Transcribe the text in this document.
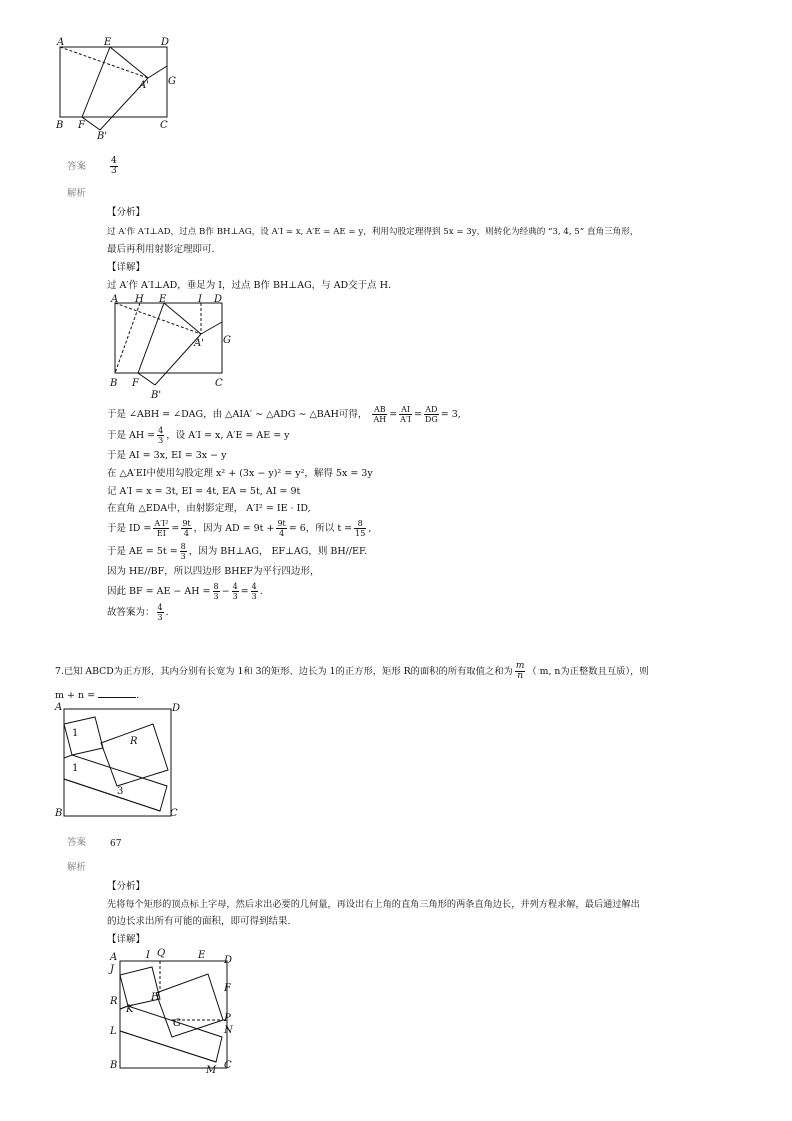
A	E	D
G
A'
B F	C
B'
答案	$\frac{4}{3}$
解析
【分析】
过 A′作 A′I⊥AD，过点 B作 BH⊥AG，设 A′I = x, A′E = AE = y，利用勾股定理得到 5x = 3y，则转化为经典的 “3, 4, 5” 直角三角形，
最后再利用射影定理即可.
【详解】
过 A′作 A′I⊥AD，垂足为 I，过点 B作 BH⊥AG，与 AD交于点 H.
A H E	I D
G
A'
B F	C
B'
于是 ∠ABH = ∠DAG，由 △AIA′ ∼ △ADG ∼ △BAH可得， $\frac{AB}{AH} = \frac{AI}{A'I} = \frac{AD}{DG} = 3$,
于是 AH = $\frac{4}{3}$ ，设 A′I = x, A′E = AE = y
于是 AI = 3x, EI = 3x − y
在 △A′EI中使用勾股定理 x² + (3x − y)² = y²，解得 5x = 3y
记 A′I = x = 3t, EI = 4t, EA = 5t, AI = 9t
在直角 △EDA中，由射影定理， A′I² = IE · ID,
于是 ID = $\frac{\text{A′I²}}{EI} = \frac{9t}{4}$ ，因为 AD = $9t + \frac{9t}{4} = 6$，所以 $t = \frac{8}{15}$ ,
于是 AE = $5t = \frac{8}{3}$ ，因为 BH⊥AG， EF⊥AG，则 BH//EF.
因为 HE//BF，所以四边形 BHEF为平行四边形，
因此 BF = AE − AH = $\frac{8}{3} - \frac{4}{3} = \frac{4}{3}$ .
故答案为： $\frac{4}{3}$ .
7.已知 ABCD为正方形，其内分别有长宽为 1和 3的矩形、边长为 1的正方形，矩形 R的面积的所有取值之和为 $\frac{m}{n}$ （ m, n为正整数且互质），则
m + n =	.
A	D
B	C
R
1
1
3
答案	67
解析
【分析】
先将每个矩形的顶点标上字母，然后求出必要的几何量，再设出右上角的直角三角形的两条直角边长，并列方程求解，最后通过解出
的边长求出所有可能的面积，即可得到结果.
【详解】
A	I Q	E D
J
F
R	H
K
P
G
N
L
B	M C
